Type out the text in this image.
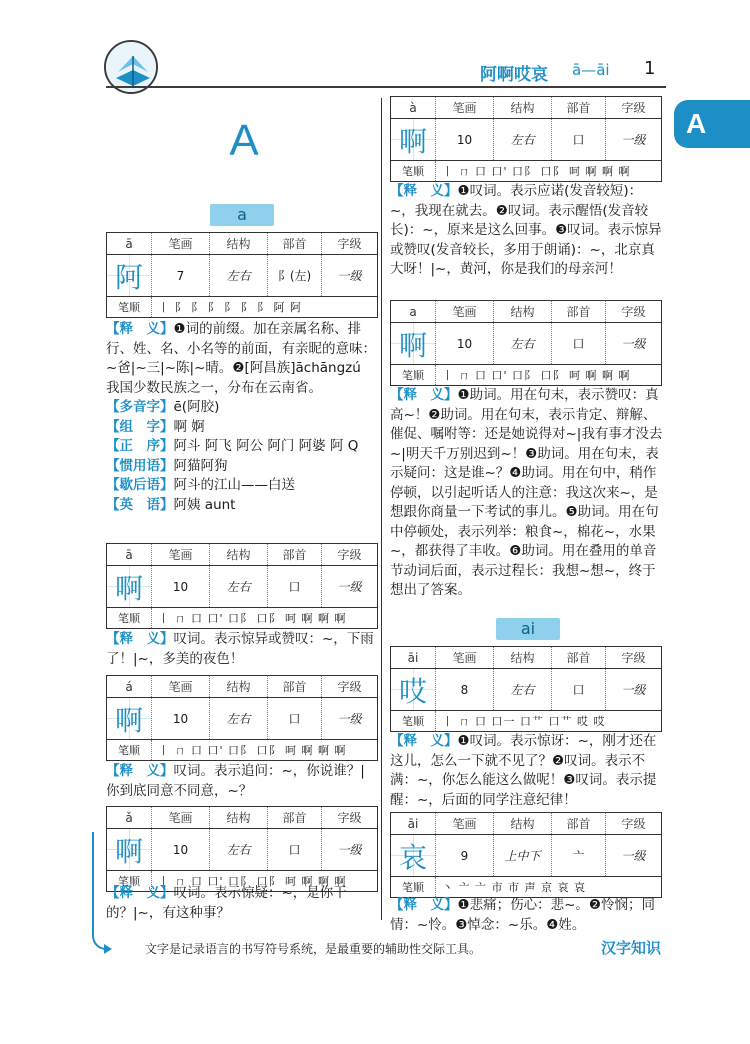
阿啊哎哀 ā—āi 1
A
A
a
ā	笔画	结构	部首	字级
阿	7	左右	阝(左)	一级
笔顺	丨 阝 阝 阝 阝 阝 阝 阿 阿
【释　义】❶词的前缀。加在亲属名称、排行、姓、名、小名等的前面，有亲昵的意味：~爸|~三|~陈|~晴。❷[阿昌族]āchāngzú 我国少数民族之一，分布在云南省。
【多音字】ē(阿胶)
【组　字】啊 婀
【正　序】阿斗 阿飞 阿公 阿门 阿婆 阿 Q
【惯用语】阿猫阿狗
【歇后语】阿斗的江山——白送
【英　语】阿姨 aunt
ā	笔画	结构	部首	字级
啊	10	左右	口	一级
笔顺	丨 ㄇ 口 口' 口阝 口阝 呵 啊 啊 啊
【释　义】叹词。表示惊异或赞叹：~，下雨了！|~，多美的夜色！
á	笔画	结构	部首	字级
啊	10	左右	口	一级
笔顺	丨 ㄇ 口 口' 口阝 口阝 呵 啊 啊 啊
【释　义】叹词。表示追问：~，你说谁？|你到底同意不同意，~？
ǎ	笔画	结构	部首	字级
啊	10	左右	口	一级
笔顺	丨 ㄇ 口 口' 口阝 口阝 呵 啊 啊 啊
【释　义】叹词。表示惊疑：~，是你干的？|~，有这种事？
à	笔画	结构	部首	字级
啊	10	左右	口	一级
笔顺	丨 ㄇ 口 口' 口阝 口阝 呵 啊 啊 啊
【释　义】❶叹词。表示应诺(发音较短)：~，我现在就去。❷叹词。表示醒悟(发音较长)：~，原来是这么回事。❸叹词。表示惊异或赞叹(发音较长，多用于朗诵)：~，北京真大呀！|~，黄河，你是我们的母亲河！
a	笔画	结构	部首	字级
啊	10	左右	口	一级
笔顺	丨 ㄇ 口 口' 口阝 口阝 呵 啊 啊 啊
【释　义】❶助词。用在句末，表示赞叹：真高~！❷助词。用在句末，表示肯定、辩解、催促、嘱咐等：还是她说得对~|我有事才没去~|明天千万别迟到~！❸助词。用在句末，表示疑问：这是谁~？❹助词。用在句中，稍作停顿，以引起听话人的注意：我这次来~，是想跟你商量一下考试的事儿。❺助词。用在句中停顿处，表示列举：粮食~，棉花~，水果~，都获得了丰收。❻助词。用在叠用的单音节动词后面，表示过程长：我想~想~，终于想出了答案。
ai
āi	笔画	结构	部首	字级
哎	8	左右	口	一级
笔顺	丨 ㄇ 口 口一 口艹 口艹 哎 哎
【释　义】❶叹词。表示惊讶：~，刚才还在这儿，怎么一下就不见了？❷叹词。表示不满：~，你怎么能这么做呢！❸叹词。表示提醒：~，后面的同学注意纪律！
āi	笔画	结构	部首	字级
哀	9	上中下	亠	一级
笔顺	丶 亠 亠 市 市 声 京 哀 哀
【释　义】❶悲痛；伤心：悲~。❷怜悯；同情：~怜。❸悼念：~乐。❹姓。
文字是记录语言的书写符号系统，是最重要的辅助性交际工具。	汉字知识
